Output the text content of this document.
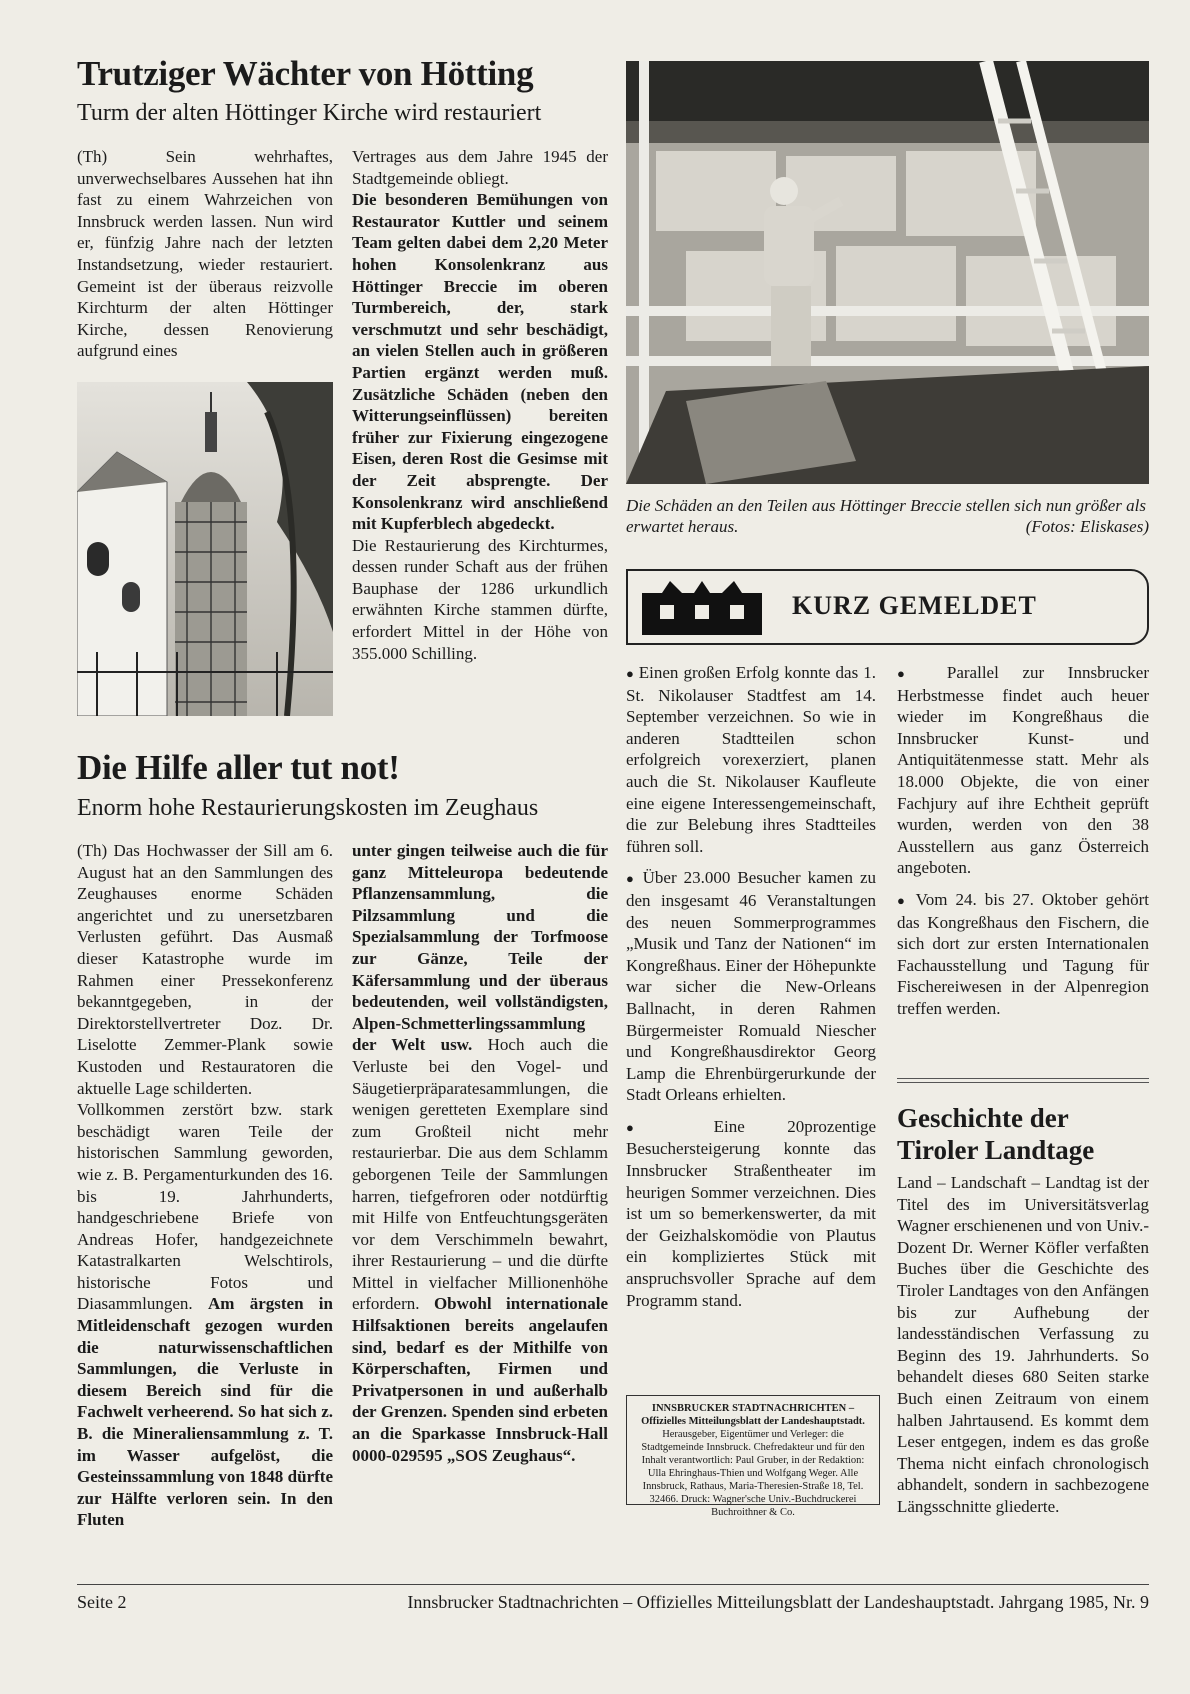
Trutziger Wächter von Hötting
Turm der alten Höttinger Kirche wird restauriert

(Th) Sein wehrhaftes, unverwechselbares Aussehen hat ihn fast zu einem Wahrzeichen von Innsbruck werden lassen. Nun wird er, fünfzig Jahre nach der letzten Instandsetzung, wieder restauriert. Gemeint ist der überaus reizvolle Kirchturm der alten Höttinger Kirche, dessen Renovierung aufgrund eines

Vertrages aus dem Jahre 1945 der Stadtgemeinde obliegt.

Die besonderen Bemühungen von Restaurator Kuttler und seinem Team gelten dabei dem 2,20 Meter hohen Konsolenkranz aus Höttinger Breccie im oberen Turmbereich, der, stark verschmutzt und sehr beschädigt, an vielen Stellen auch in größeren Partien ergänzt werden muß. Zusätzliche Schäden (neben den Witterungseinflüssen) bereiten früher zur Fixierung eingezogene Eisen, deren Rost die Gesimse mit der Zeit absprengte. Der Konsolenkranz wird anschließend mit Kupferblech abgedeckt.

Die Restaurierung des Kirchturmes, dessen runder Schaft aus der frühen Bauphase der 1286 urkundlich erwähnten Kirche stammen dürfte, erfordert Mittel in der Höhe von 355.000 Schilling.

Die Schäden an den Teilen aus Höttinger Breccie stellen sich nun größer als erwartet heraus.	(Fotos: Eliskases)
KURZ GEMELDET

● Einen großen Erfolg konnte das 1. St. Nikolauser Stadtfest am 14. September verzeichnen. So wie in anderen Stadtteilen schon erfolgreich vorexerziert, planen auch die St. Nikolauser Kaufleute eine eigene Interessengemeinschaft, die zur Belebung ihres Stadtteiles führen soll.

● Über 23.000 Besucher kamen zu den insgesamt 46 Veranstaltungen des neuen Sommerprogrammes „Musik und Tanz der Nationen“ im Kongreßhaus. Einer der Höhepunkte war sicher die New-Orleans Ballnacht, in deren Rahmen Bürgermeister Romuald Niescher und Kongreßhausdirektor Georg Lamp die Ehrenbürgerurkunde der Stadt Orleans erhielten.

● Eine 20prozentige Besuchersteigerung konnte das Innsbrucker Straßentheater im heurigen Sommer verzeichnen. Dies ist um so bemerkenswerter, da mit der Geizhalskomödie von Plautus ein kompliziertes Stück mit anspruchsvoller Sprache auf dem Programm stand.

INNSBRUCKER STADTNACHRICHTEN – Offizielles Mitteilungsblatt der Landeshauptstadt. Herausgeber, Eigentümer und Verleger: die Stadtgemeinde Innsbruck. Chefredakteur und für den Inhalt verantwortlich: Paul Gruber, in der Redaktion: Ulla Ehringhaus-Thien und Wolfgang Weger. Alle Innsbruck, Rathaus, Maria-Theresien-Straße 18, Tel. 32466. Druck: Wagner'sche Univ.-Buchdruckerei Buchroithner & Co.

● Parallel zur Innsbrucker Herbstmesse findet auch heuer wieder im Kongreßhaus die Innsbrucker Kunst- und Antiquitätenmesse statt. Mehr als 18.000 Objekte, die von einer Fachjury auf ihre Echtheit geprüft wurden, werden von den 38 Ausstellern aus ganz Österreich angeboten.

● Vom 24. bis 27. Oktober gehört das Kongreßhaus den Fischern, die sich dort zur ersten Internationalen Fachausstellung und Tagung für Fischereiwesen in der Alpenregion treffen werden.

Geschichte der Tiroler Landtage

Land – Landschaft – Landtag ist der Titel des im Universitätsverlag Wagner erschienenen und von Univ.-Dozent Dr. Werner Köfler verfaßten Buches über die Geschichte des Tiroler Landtages von den Anfängen bis zur Aufhebung der landesständischen Verfassung zu Beginn des 19. Jahrhunderts. So behandelt dieses 680 Seiten starke Buch einen Zeitraum von einem halben Jahrtausend. Es kommt dem Leser entgegen, indem es das große Thema nicht einfach chronologisch abhandelt, sondern in sachbezogene Längsschnitte gliederte.

Die Hilfe aller tut not!
Enorm hohe Restaurierungskosten im Zeughaus

(Th) Das Hochwasser der Sill am 6. August hat an den Sammlungen des Zeughauses enorme Schäden angerichtet und zu unersetzbaren Verlusten geführt. Das Ausmaß dieser Katastrophe wurde im Rahmen einer Pressekonferenz bekanntgegeben, in der Direktorstellvertreter Doz. Dr. Liselotte Zemmer-Plank sowie Kustoden und Restauratoren die aktuelle Lage schilderten.

Vollkommen zerstört bzw. stark beschädigt waren Teile der historischen Sammlung geworden, wie z. B. Pergamenturkunden des 16. bis 19. Jahrhunderts, handgeschriebene Briefe von Andreas Hofer, handgezeichnete Katastralkarten Welschtirols, historische Fotos und Diasammlungen. Am ärgsten in Mitleidenschaft gezogen wurden die naturwissenschaftlichen Sammlungen, die Verluste in diesem Bereich sind für die Fachwelt verheerend. So hat sich z. B. die Mineraliensammlung z. T. im Wasser aufgelöst, die Gesteinssammlung von 1848 dürfte zur Hälfte verloren sein. In den Fluten
unter gingen teilweise auch die für ganz Mitteleuropa bedeutende Pflanzensammlung, die Pilzsammlung und die Spezialsammlung der Torfmoose zur Gänze, Teile der Käfersammlung und der überaus bedeutenden, weil vollständigsten, Alpen-Schmetterlingssammlung der Welt usw. Hoch auch die Verluste bei den Vogel- und Säugetierpräparatesammlungen, die wenigen geretteten Exemplare sind zum Großteil nicht mehr restaurierbar. Die aus dem Schlamm geborgenen Teile der Sammlungen harren, tiefgefroren oder notdürftig mit Hilfe von Entfeuchtungsgeräten vor dem Verschimmeln bewahrt, ihrer Restaurierung – und die dürfte Mittel in vielfacher Millionenhöhe erfordern. Obwohl internationale Hilfsaktionen bereits angelaufen sind, bedarf es der Mithilfe von Körperschaften, Firmen und Privatpersonen in und außerhalb der Grenzen. Spenden sind erbeten an die Sparkasse Innsbruck-Hall 0000-029595 „SOS Zeughaus“.
Seite 2	Innsbrucker Stadtnachrichten – Offizielles Mitteilungsblatt der Landeshauptstadt. Jahrgang 1985, Nr. 9
